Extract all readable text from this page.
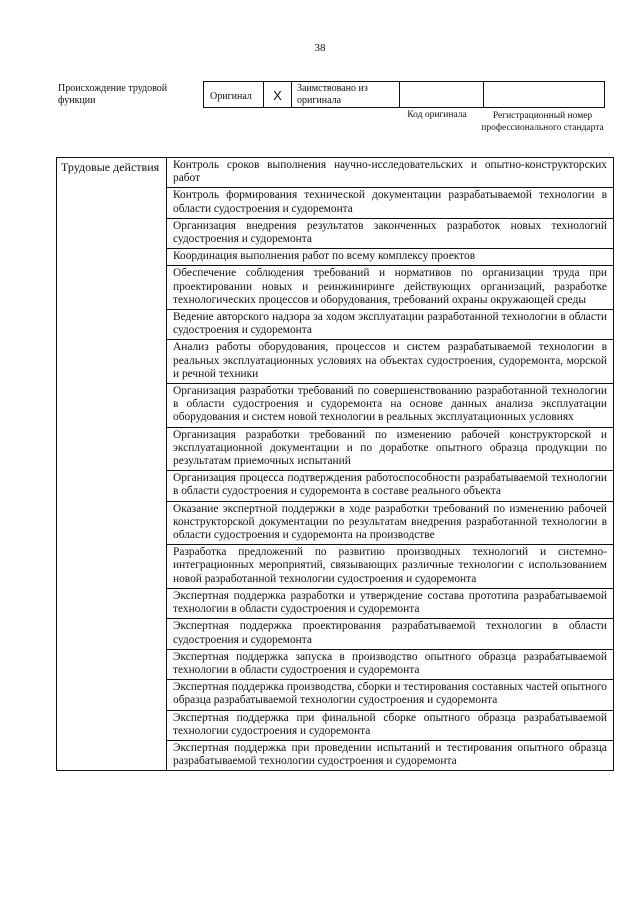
38
Происхождение трудовой функции	Оригинал	X	Заимствовано из оригинала
Код оригинала	Регистрационный номер профессионального стандарта
Трудовые действия	Контроль сроков выполнения научно-исследовательских и опытно-конструкторских работ
Контроль формирования технической документации разрабатываемой технологии в области судостроения и судоремонта
Организация внедрения результатов законченных разработок новых технологий судостроения и судоремонта
Координация выполнения работ по всему комплексу проектов
Обеспечение соблюдения требований и нормативов по организации труда при проектировании новых и реинжиниринге действующих организаций, разработке технологических процессов и оборудования, требований охраны окружающей среды
Ведение авторского надзора за ходом эксплуатации разработанной технологии в области судостроения и судоремонта
Анализ работы оборудования, процессов и систем разрабатываемой технологии в реальных эксплуатационных условиях на объектах судостроения, судоремонта, морской и речной техники
Организация разработки требований по совершенствованию разработанной технологии в области судостроения и судоремонта на основе данных анализа эксплуатации оборудования и систем новой технологии в реальных эксплуатационных условиях
Организация разработки требований по изменению рабочей конструкторской и эксплуатационной документации и по доработке опытного образца продукции по результатам приемочных испытаний
Организация процесса подтверждения работоспособности разрабатываемой технологии в области судостроения и судоремонта в составе реального объекта
Оказание экспертной поддержки в ходе разработки требований по изменению рабочей конструкторской документации по результатам внедрения разработанной технологии в области судостроения и судоремонта на производстве
Разработка предложений по развитию производных технологий и системно-интеграционных мероприятий, связывающих различные технологии с использованием новой разработанной технологии судостроения и судоремонта
Экспертная поддержка разработки и утверждение состава прототипа разрабатываемой технологии в области судостроения и судоремонта
Экспертная поддержка проектирования разрабатываемой технологии в области судостроения и судоремонта
Экспертная поддержка запуска в производство опытного образца разрабатываемой технологии в области судостроения и судоремонта
Экспертная поддержка производства, сборки и тестирования составных частей опытного образца разрабатываемой технологии судостроения и судоремонта
Экспертная поддержка при финальной сборке опытного образца разрабатываемой технологии судостроения и судоремонта
Экспертная поддержка при проведении испытаний и тестирования опытного образца разрабатываемой технологии судостроения и судоремонта
